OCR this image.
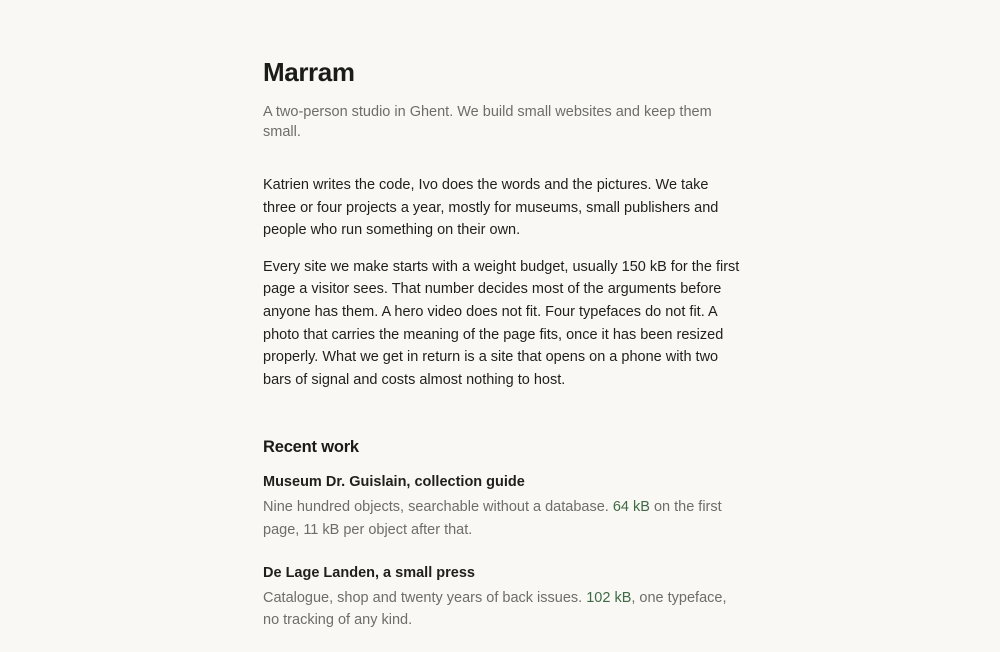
Marram

A two-person studio in Ghent. We build small websites and keep them small.

Katrien writes the code, Ivo does the words and the pictures. We take three or four projects a year, mostly for museums, small publishers and people who run something on their own.

Every site we make starts with a weight budget, usually 150 kB for the first page a visitor sees. That number decides most of the arguments before anyone has them. A hero video does not fit. Four typefaces do not fit. A photo that carries the meaning of the page fits, once it has been resized properly. What we get in return is a site that opens on a phone with two bars of signal and costs almost nothing to host.

Recent work
Museum Dr. Guislain, collection guide

Nine hundred objects, searchable without a database. 64 kB on the first page, 11 kB per object after that.

De Lage Landen, a small press

Catalogue, shop and twenty years of back issues. 102 kB, one typeface, no tracking of any kind.
